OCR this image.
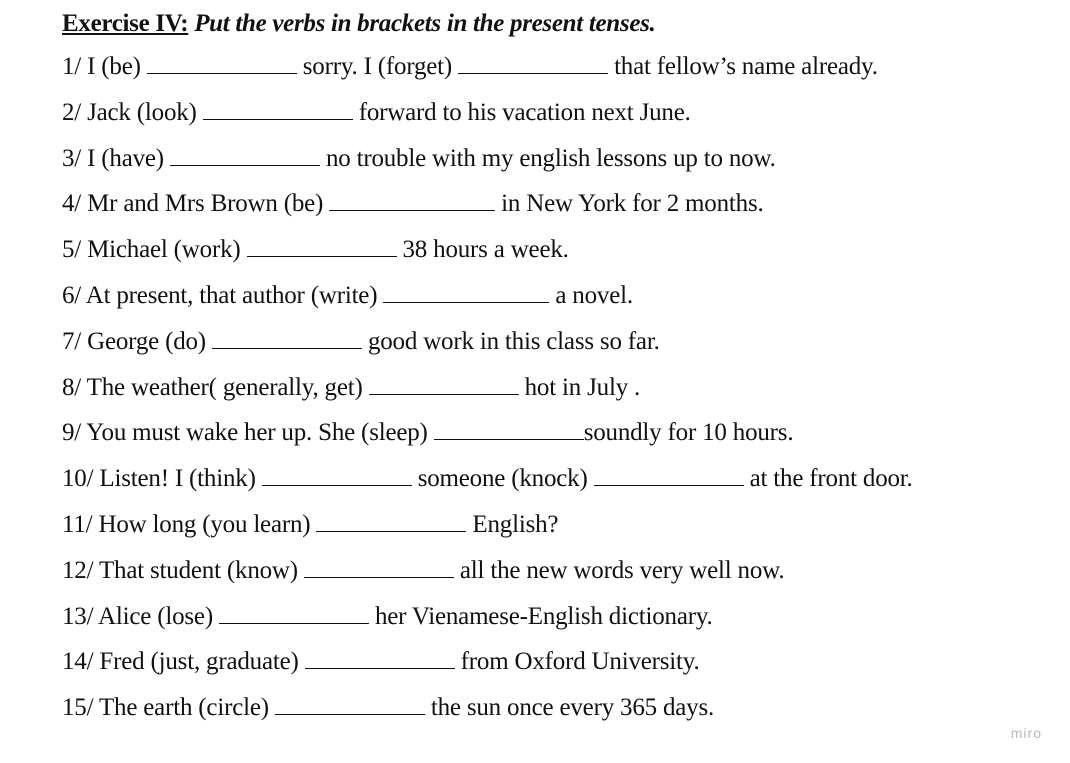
Exercise IV: Put the verbs in brackets in the present tenses.
1/ I (be)	sorry. I (forget)	that fellow’s name already.
2/ Jack (look)	forward to his vacation next June.
3/ I (have)	no trouble with my english lessons up to now.
4/ Mr and Mrs Brown (be)	in New York for 2 months.
5/ Michael (work)	38 hours a week.
6/ At present, that author (write)	a novel.
7/ George (do)	good work in this class so far.
8/ The weather( generally, get)	hot in July .
9/ You must wake her up. She (sleep)	soundly for 10 hours.
10/ Listen! I (think)	someone (knock)	at the front door.
11/ How long (you learn)	English?
12/ That student (know)	all the new words very well now.
13/ Alice (lose)	her Vienamese-English dictionary.
14/ Fred (just, graduate)	from Oxford University.
15/ The earth (circle)	the sun once every 365 days.
miro
